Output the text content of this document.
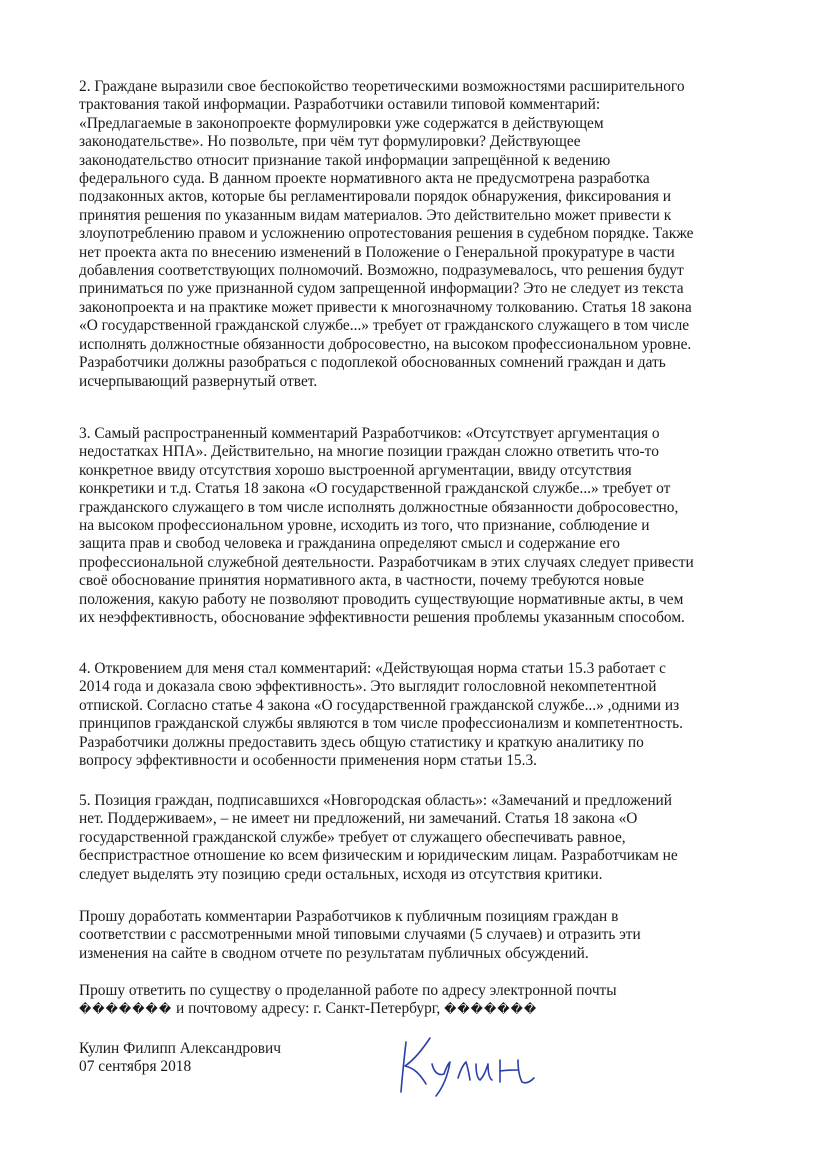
2. Граждане выразили свое беспокойство теоретическими возможностями расширительного
трактования такой информации. Разработчики оставили типовой комментарий:
«Предлагаемые в законопроекте формулировки уже содержатся в действующем
законодательстве». Но позвольте, при чём тут формулировки? Действующее
законодательство относит признание такой информации запрещённой к ведению
федерального суда. В данном проекте нормативного акта не предусмотрена разработка
подзаконных актов, которые бы регламентировали порядок обнаружения, фиксирования и
принятия решения по указанным видам материалов. Это действительно может привести к
злоупотреблению правом и усложнению опротестования решения в судебном порядке. Также
нет проекта акта по внесению изменений в Положение о Генеральной прокуратуре в части
добавления соответствующих полномочий. Возможно, подразумевалось, что решения будут
приниматься по уже признанной судом запрещенной информации? Это не следует из текста
законопроекта и на практике может привести к многозначному толкованию. Статья 18 закона
«О государственной гражданской службе...» требует от гражданского служащего в том числе
исполнять должностные обязанности добросовестно, на высоком профессиональном уровне.
Разработчики должны разобраться с подоплекой обоснованных сомнений граждан и дать
исчерпывающий развернутый ответ.
3. Самый распространенный комментарий Разработчиков: «Отсутствует аргументация о
недостатках НПА». Действительно, на многие позиции граждан сложно ответить что-то
конкретное ввиду отсутствия хорошо выстроенной аргументации, ввиду отсутствия
конкретики и т.д. Статья 18 закона «О государственной гражданской службе...» требует от
гражданского служащего в том числе исполнять должностные обязанности добросовестно,
на высоком профессиональном уровне, исходить из того, что признание, соблюдение и
защита прав и свобод человека и гражданина определяют смысл и содержание его
профессиональной служебной деятельности. Разработчикам в этих случаях следует привести
своё обоснование принятия нормативного акта, в частности, почему требуются новые
положения, какую работу не позволяют проводить существующие нормативные акты, в чем
их неэффективность, обоснование эффективности решения проблемы указанным способом.
4. Откровением для меня стал комментарий: «Действующая норма статьи 15.3 работает с
2014 года и доказала свою эффективность». Это выглядит голословной некомпетентной
отпиской. Согласно статье 4 закона «О государственной гражданской службе...» ,одними из
принципов гражданской службы являются в том числе профессионализм и компетентность.
Разработчики должны предоставить здесь общую статистику и краткую аналитику по
вопросу эффективности и особенности применения норм статьи 15.3.
5. Позиция граждан, подписавшихся «Новгородская область»: «Замечаний и предложений
нет. Поддерживаем», – не имеет ни предложений, ни замечаний. Статья 18 закона «О
государственной гражданской службе» требует от служащего обеспечивать равное,
беспристрастное отношение ко всем физическим и юридическим лицам. Разработчикам не
следует выделять эту позицию среди остальных, исходя из отсутствия критики.
Прошу доработать комментарии Разработчиков к публичным позициям граждан в
соответствии с рассмотренными мной типовыми случаями (5 случаев) и отразить эти
изменения на сайте в сводном отчете по результатам публичных обсуждений.
Прошу ответить по существу о проделанной работе по адресу электронной почты
������� и почтовому адресу: г. Санкт-Петербург, �������
Кулин Филипп Александрович
07 сентября 2018
